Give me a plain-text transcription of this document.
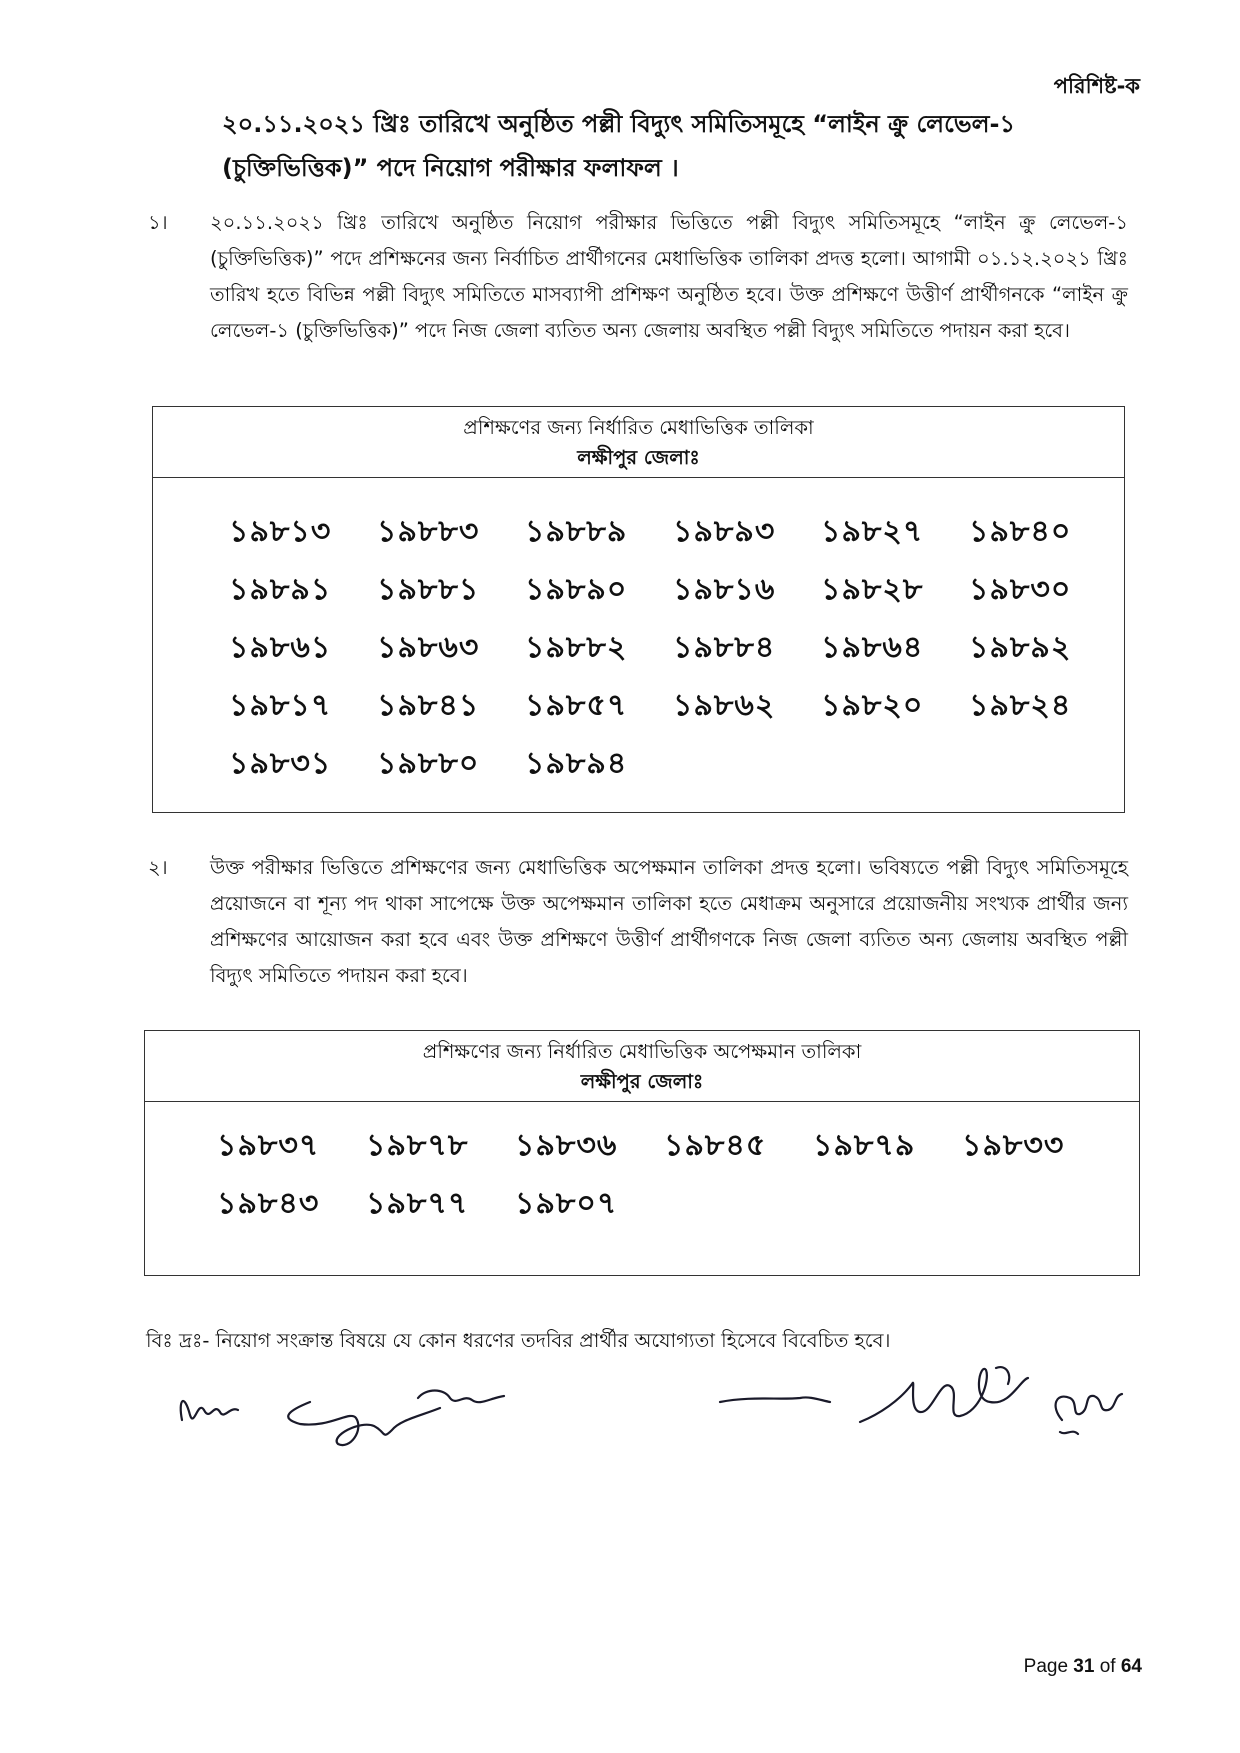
পরিশিষ্ট-ক
২০.১১.২০২১ খ্রিঃ তারিখে অনুষ্ঠিত পল্লী বিদ্যুৎ সমিতিসমূহে “লাইন ক্রু লেভেল-১ (চুক্তিভিত্তিক)” পদে নিয়োগ পরীক্ষার ফলাফল ।
১।	২০.১১.২০২১ খ্রিঃ তারিখে অনুষ্ঠিত নিয়োগ পরীক্ষার ভিত্তিতে পল্লী বিদ্যুৎ সমিতিসমূহে “লাইন ক্রু লেভেল-১ (চুক্তিভিত্তিক)” পদে প্রশিক্ষনের জন্য নির্বাচিত প্রার্থীগনের মেধাভিত্তিক তালিকা প্রদত্ত হলো। আগামী ০১.১২.২০২১ খ্রিঃ তারিখ হতে বিভিন্ন পল্লী বিদ্যুৎ সমিতিতে মাসব্যাপী প্রশিক্ষণ অনুষ্ঠিত হবে। উক্ত প্রশিক্ষণে উত্তীর্ণ প্রার্থীগনকে “লাইন ক্রু লেভেল-১ (চুক্তিভিত্তিক)” পদে নিজ জেলা ব্যতিত অন্য জেলায় অবস্থিত পল্লী বিদ্যুৎ সমিতিতে পদায়ন করা হবে।
প্রশিক্ষণের জন্য নির্ধারিত মেধাভিত্তিক তালিকা
লক্ষীপুর জেলাঃ
১৯৮১৩	১৯৮৮৩	১৯৮৮৯	১৯৮৯৩	১৯৮২৭	১৯৮৪০
১৯৮৯১	১৯৮৮১	১৯৮৯০	১৯৮১৬	১৯৮২৮	১৯৮৩০
১৯৮৬১	১৯৮৬৩	১৯৮৮২	১৯৮৮৪	১৯৮৬৪	১৯৮৯২
১৯৮১৭	১৯৮৪১	১৯৮৫৭	১৯৮৬২	১৯৮২০	১৯৮২৪
১৯৮৩১	১৯৮৮০	১৯৮৯৪
২।	উক্ত পরীক্ষার ভিত্তিতে প্রশিক্ষণের জন্য মেধাভিত্তিক অপেক্ষমান তালিকা প্রদত্ত হলো। ভবিষ্যতে পল্লী বিদ্যুৎ সমিতিসমূহে প্রয়োজনে বা শূন্য পদ থাকা সাপেক্ষে উক্ত অপেক্ষমান তালিকা হতে মেধাক্রম অনুসারে প্রয়োজনীয় সংখ্যক প্রার্থীর জন্য প্রশিক্ষণের আয়োজন করা হবে এবং উক্ত প্রশিক্ষণে উত্তীর্ণ প্রার্থীগণকে নিজ জেলা ব্যতিত অন্য জেলায় অবস্থিত পল্লী বিদ্যুৎ সমিতিতে পদায়ন করা হবে।
প্রশিক্ষণের জন্য নির্ধারিত মেধাভিত্তিক অপেক্ষমান তালিকা
লক্ষীপুর জেলাঃ
১৯৮৩৭	১৯৮৭৮	১৯৮৩৬	১৯৮৪৫	১৯৮৭৯	১৯৮৩৩
১৯৮৪৩	১৯৮৭৭	১৯৮০৭
বিঃ দ্রঃ- নিয়োগ সংক্রান্ত বিষয়ে যে কোন ধরণের তদবির প্রার্থীর অযোগ্যতা হিসেবে বিবেচিত হবে।
Page 31 of 64
